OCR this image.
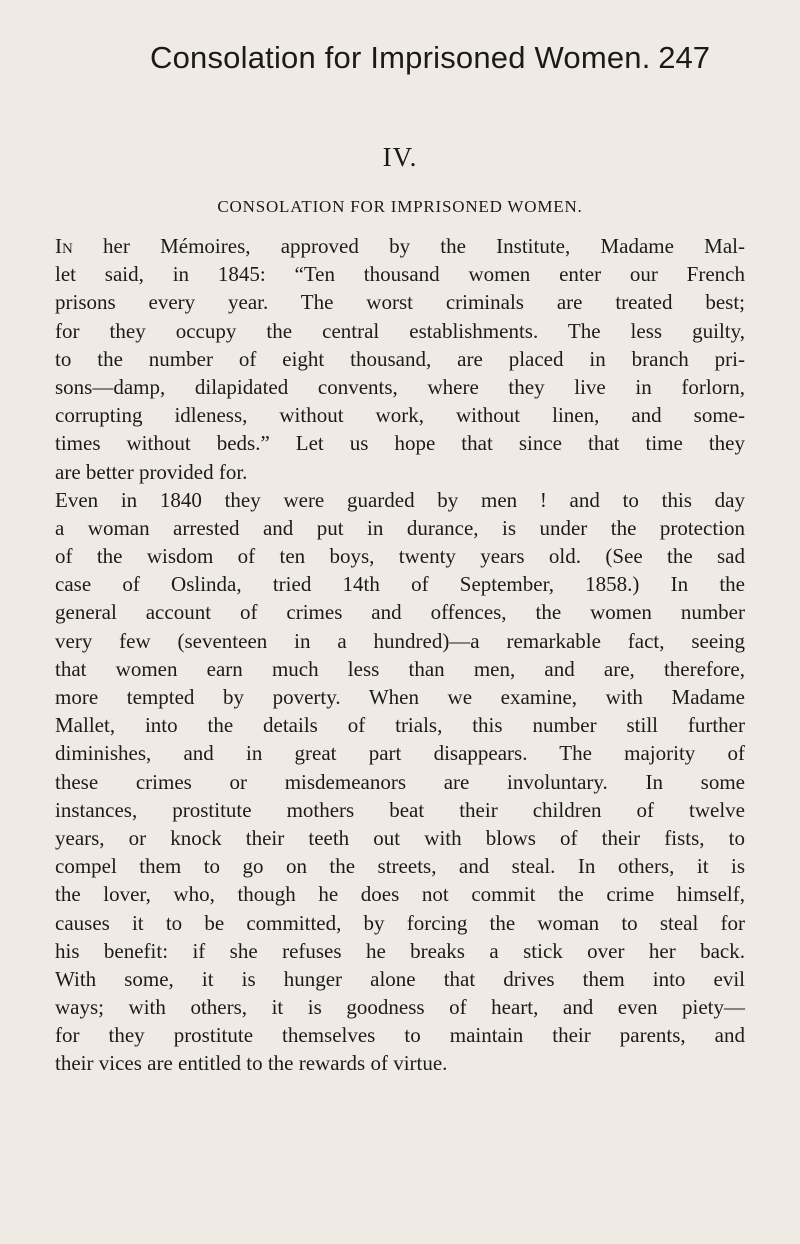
Consolation for Imprisoned Women. 247
IV.
CONSOLATION FOR IMPRISONED WOMEN.
In her Mémoires, approved by the Institute, Madame Mal-
let said, in 1845: “Ten thousand women enter our French
prisons every year. The worst criminals are treated best;
for they occupy the central establishments. The less guilty,
to the number of eight thousand, are placed in branch pri-
sons—damp, dilapidated convents, where they live in forlorn,
corrupting idleness, without work, without linen, and some-
times without beds.” Let us hope that since that time they
are better provided for.
Even in 1840 they were guarded by men ! and to this day
a woman arrested and put in durance, is under the protection
of the wisdom of ten boys, twenty years old. (See the sad
case of Oslinda, tried 14th of September, 1858.) In the
general account of crimes and offences, the women number
very few (seventeen in a hundred)—a remarkable fact, seeing
that women earn much less than men, and are, therefore,
more tempted by poverty. When we examine, with Madame
Mallet, into the details of trials, this number still further
diminishes, and in great part disappears. The majority of
these crimes or misdemeanors are involuntary. In some
instances, prostitute mothers beat their children of twelve
years, or knock their teeth out with blows of their fists, to
compel them to go on the streets, and steal. In others, it is
the lover, who, though he does not commit the crime himself,
causes it to be committed, by forcing the woman to steal for
his benefit: if she refuses he breaks a stick over her back.
With some, it is hunger alone that drives them into evil
ways; with others, it is goodness of heart, and even piety—
for they prostitute themselves to maintain their parents, and
their vices are entitled to the rewards of virtue.
